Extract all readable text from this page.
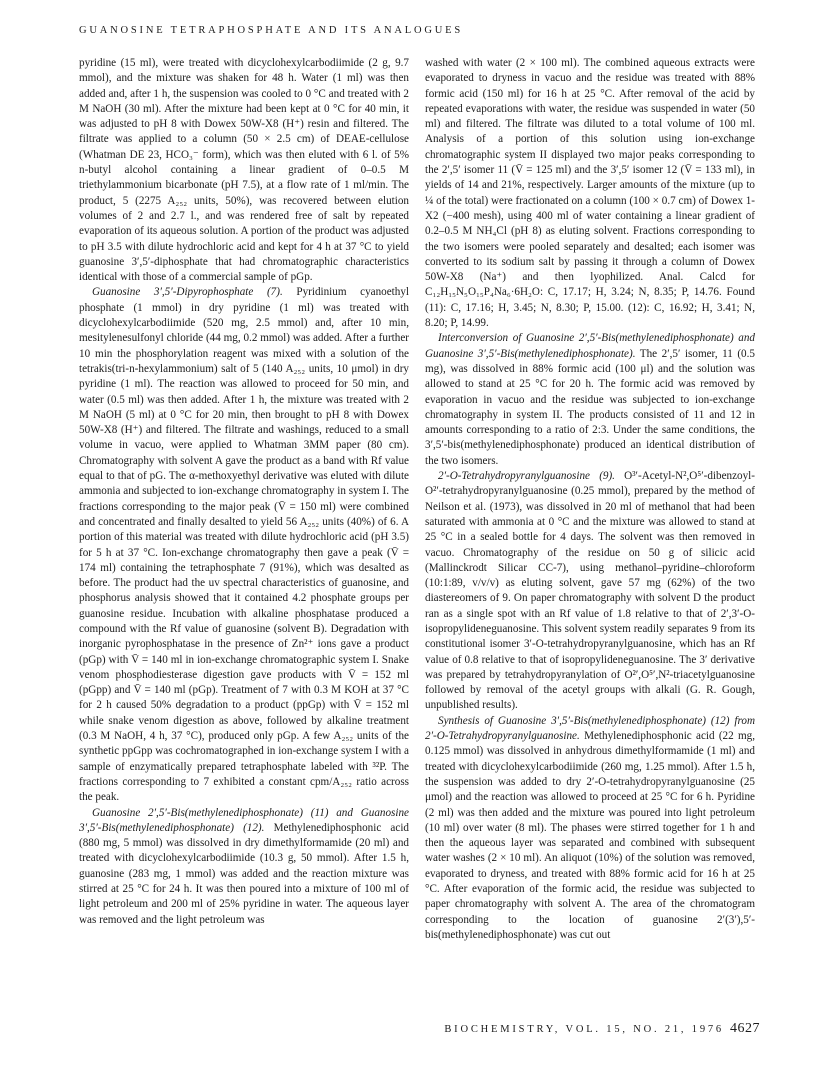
GUANOSINE TETRAPHOSPHATE AND ITS ANALOGUES

pyridine (15 ml), were treated with dicyclohexylcarbodiimide (2 g, 9.7 mmol), and the mixture was shaken for 48 h. Water (1 ml) was then added and, after 1 h, the suspension was cooled to 0 °C and treated with 2 M NaOH (30 ml). After the mixture had been kept at 0 °C for 40 min, it was adjusted to pH 8 with Dowex 50W-X8 (H⁺) resin and filtered. The filtrate was applied to a column (50 × 2.5 cm) of DEAE-cellulose (Whatman DE 23, HCO₃⁻ form), which was then eluted with 6 l. of 5% n-butyl alcohol containing a linear gradient of 0–0.5 M triethylammonium bicarbonate (pH 7.5), at a flow rate of 1 ml/min. The product, 5 (2275 A₂₅₂ units, 50%), was recovered between elution volumes of 2 and 2.7 l., and was rendered free of salt by repeated evaporation of its aqueous solution. A portion of the product was adjusted to pH 3.5 with dilute hydrochloric acid and kept for 4 h at 37 °C to yield guanosine 3′,5′-diphosphate that had chromatographic characteristics identical with those of a commercial sample of pGp.

Guanosine 3′,5′-Dipyrophosphate (7). Pyridinium cyanoethyl phosphate (1 mmol) in dry pyridine (1 ml) was treated with dicyclohexylcarbodiimide (520 mg, 2.5 mmol) and, after 10 min, mesitylenesulfonyl chloride (44 mg, 0.2 mmol) was added. After a further 10 min the phosphorylation reagent was mixed with a solution of the tetrakis(tri-n-hexylammonium) salt of 5 (140 A₂₅₂ units, 10 μmol) in dry pyridine (1 ml). The reaction was allowed to proceed for 50 min, and water (0.5 ml) was then added. After 1 h, the mixture was treated with 2 M NaOH (5 ml) at 0 °C for 20 min, then brought to pH 8 with Dowex 50W-X8 (H⁺) and filtered. The filtrate and washings, reduced to a small volume in vacuo, were applied to Whatman 3MM paper (80 cm). Chromatography with solvent A gave the product as a band with Rf value equal to that of pG. The α-methoxyethyl derivative was eluted with dilute ammonia and subjected to ion-exchange chromatography in system I. The fractions corresponding to the major peak (V̄ = 150 ml) were combined and concentrated and finally desalted to yield 56 A₂₅₂ units (40%) of 6. A portion of this material was treated with dilute hydrochloric acid (pH 3.5) for 5 h at 37 °C. Ion-exchange chromatography then gave a peak (V̄ = 174 ml) containing the tetraphosphate 7 (91%), which was desalted as before. The product had the uv spectral characteristics of guanosine, and phosphorus analysis showed that it contained 4.2 phosphate groups per guanosine residue. Incubation with alkaline phosphatase produced a compound with the Rf value of guanosine (solvent B). Degradation with inorganic pyrophosphatase in the presence of Zn²⁺ ions gave a product (pGp) with V̄ = 140 ml in ion-exchange chromatographic system I. Snake venom phosphodiesterase digestion gave products with V̄ = 152 ml (pGpp) and V̄ = 140 ml (pGp). Treatment of 7 with 0.3 M KOH at 37 °C for 2 h caused 50% degradation to a product (ppGp) with V̄ = 152 ml while snake venom digestion as above, followed by alkaline treatment (0.3 M NaOH, 4 h, 37 °C), produced only pGp. A few A₂₅₂ units of the synthetic ppGpp was cochromatographed in ion-exchange system I with a sample of enzymatically prepared tetraphosphate labeled with ³²P. The fractions corresponding to 7 exhibited a constant cpm/A₂₅₂ ratio across the peak.

Guanosine 2′,5′-Bis(methylenediphosphonate) (11) and Guanosine 3′,5′-Bis(methylenediphosphonate) (12). Methylenediphosphonic acid (880 mg, 5 mmol) was dissolved in dry dimethylformamide (20 ml) and treated with dicyclohexylcarbodiimide (10.3 g, 50 mmol). After 1.5 h, guanosine (283 mg, 1 mmol) was added and the reaction mixture was stirred at 25 °C for 24 h. It was then poured into a mixture of 100 ml of light petroleum and 200 ml of 25% pyridine in water. The aqueous layer was removed and the light petroleum was

washed with water (2 × 100 ml). The combined aqueous extracts were evaporated to dryness in vacuo and the residue was treated with 88% formic acid (150 ml) for 16 h at 25 °C. After removal of the acid by repeated evaporations with water, the residue was suspended in water (50 ml) and filtered. The filtrate was diluted to a total volume of 100 ml. Analysis of a portion of this solution using ion-exchange chromatographic system II displayed two major peaks corresponding to the 2′,5′ isomer 11 (V̄ = 125 ml) and the 3′,5′ isomer 12 (V̄ = 133 ml), in yields of 14 and 21%, respectively. Larger amounts of the mixture (up to ¼ of the total) were fractionated on a column (100 × 0.7 cm) of Dowex 1-X2 (−400 mesh), using 400 ml of water containing a linear gradient of 0.2–0.5 M NH₄Cl (pH 8) as eluting solvent. Fractions corresponding to the two isomers were pooled separately and desalted; each isomer was converted to its sodium salt by passing it through a column of Dowex 50W-X8 (Na⁺) and then lyophilized. Anal. Calcd for C₁₂H₁₅N₅O₁₅P₄Na₆·6H₂O: C, 17.17; H, 3.24; N, 8.35; P, 14.76. Found (11): C, 17.16; H, 3.45; N, 8.30; P, 15.00. (12): C, 16.92; H, 3.41; N, 8.20; P, 14.99.

Interconversion of Guanosine 2′,5′-Bis(methylenediphosphonate) and Guanosine 3′,5′-Bis(methylenediphosphonate). The 2′,5′ isomer, 11 (0.5 mg), was dissolved in 88% formic acid (100 μl) and the solution was allowed to stand at 25 °C for 20 h. The formic acid was removed by evaporation in vacuo and the residue was subjected to ion-exchange chromatography in system II. The products consisted of 11 and 12 in amounts corresponding to a ratio of 2:3. Under the same conditions, the 3′,5′-bis(methylenediphosphonate) produced an identical distribution of the two isomers.

2′-O-Tetrahydropyranylguanosine (9). O³′-Acetyl-N²,O⁵′-dibenzoyl-O²′-tetrahydropyranylguanosine (0.25 mmol), prepared by the method of Neilson et al. (1973), was dissolved in 20 ml of methanol that had been saturated with ammonia at 0 °C and the mixture was allowed to stand at 25 °C in a sealed bottle for 4 days. The solvent was then removed in vacuo. Chromatography of the residue on 50 g of silicic acid (Mallinckrodt Silicar CC-7), using methanol–pyridine–chloroform (10:1:89, v/v/v) as eluting solvent, gave 57 mg (62%) of the two diastereomers of 9. On paper chromatography with solvent D the product ran as a single spot with an Rf value of 1.8 relative to that of 2′,3′-O-isopropylideneguanosine. This solvent system readily separates 9 from its constitutional isomer 3′-O-tetrahydropyranylguanosine, which has an Rf value of 0.8 relative to that of isopropylideneguanosine. The 3′ derivative was prepared by tetrahydropyranylation of O²′,O⁵′,N²-triacetylguanosine followed by removal of the acetyl groups with alkali (G. R. Gough, unpublished results).

Synthesis of Guanosine 3′,5′-Bis(methylenediphosphonate) (12) from 2′-O-Tetrahydropyranylguanosine. Methylenediphosphonic acid (22 mg, 0.125 mmol) was dissolved in anhydrous dimethylformamide (1 ml) and treated with dicyclohexylcarbodiimide (260 mg, 1.25 mmol). After 1.5 h, the suspension was added to dry 2′-O-tetrahydropyranylguanosine (25 μmol) and the reaction was allowed to proceed at 25 °C for 6 h. Pyridine (2 ml) was then added and the mixture was poured into light petroleum (10 ml) over water (8 ml). The phases were stirred together for 1 h and then the aqueous layer was separated and combined with subsequent water washes (2 × 10 ml). An aliquot (10%) of the solution was removed, evaporated to dryness, and treated with 88% formic acid for 16 h at 25 °C. After evaporation of the formic acid, the residue was subjected to paper chromatography with solvent A. The area of the chromatogram corresponding to the location of guanosine 2′(3′),5′-bis(methylenediphosphonate) was cut out

BIOCHEMISTRY, VOL. 15, NO. 21, 1976 4627
